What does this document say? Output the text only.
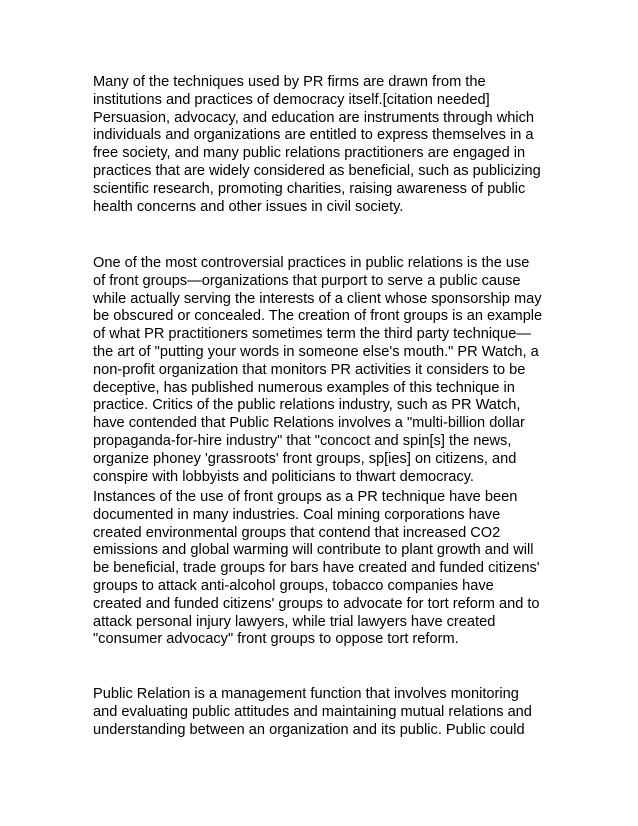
Many of the techniques used by PR firms are drawn from the
institutions and practices of democracy itself.[citation needed]
Persuasion, advocacy, and education are instruments through which
individuals and organizations are entitled to express themselves in a
free society, and many public relations practitioners are engaged in
practices that are widely considered as beneficial, such as publicizing
scientific research, promoting charities, raising awareness of public
health concerns and other issues in civil society.

One of the most controversial practices in public relations is the use
of front groups—organizations that purport to serve a public cause
while actually serving the interests of a client whose sponsorship may
be obscured or concealed. The creation of front groups is an example
of what PR practitioners sometimes term the third party technique—
the art of "putting your words in someone else's mouth." PR Watch, a
non-profit organization that monitors PR activities it considers to be
deceptive, has published numerous examples of this technique in
practice. Critics of the public relations industry, such as PR Watch,
have contended that Public Relations involves a "multi-billion dollar
propaganda-for-hire industry" that "concoct and spin[s] the news,
organize phoney 'grassroots' front groups, sp[ies] on citizens, and
conspire with lobbyists and politicians to thwart democracy.

Instances of the use of front groups as a PR technique have been
documented in many industries. Coal mining corporations have
created environmental groups that contend that increased CO2
emissions and global warming will contribute to plant growth and will
be beneficial, trade groups for bars have created and funded citizens'
groups to attack anti-alcohol groups, tobacco companies have
created and funded citizens' groups to advocate for tort reform and to
attack personal injury lawyers, while trial lawyers have created
"consumer advocacy" front groups to oppose tort reform.

Public Relation is a management function that involves monitoring
and evaluating public attitudes and maintaining mutual relations and
understanding between an organization and its public. Public could
